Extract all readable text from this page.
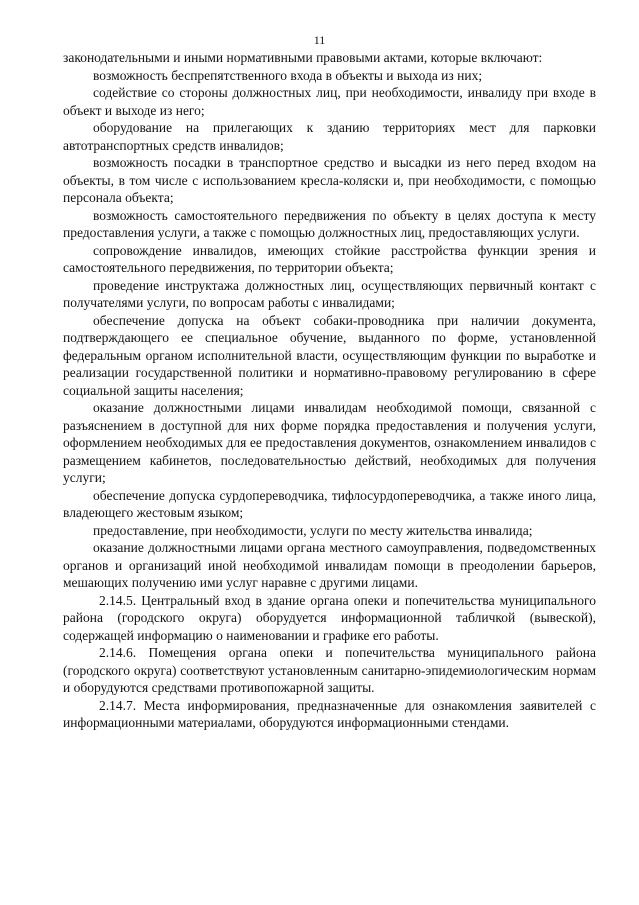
11

законодательными и иными нормативными правовыми актами, которые включают:

возможность беспрепятственного входа в объекты и выхода из них;

содействие со стороны должностных лиц, при необходимости, инвалиду при входе в объект и выходе из него;

оборудование на прилегающих к зданию территориях мест для парковки автотранспортных средств инвалидов;

возможность посадки в транспортное средство и высадки из него перед входом на объекты, в том числе с использованием кресла-коляски и, при необходимости, с помощью персонала объекта;

возможность самостоятельного передвижения по объекту в целях доступа к месту предоставления услуги, а также с помощью должностных лиц, предоставляющих услуги.

сопровождение инвалидов, имеющих стойкие расстройства функции зрения и самостоятельного передвижения, по территории объекта;

проведение инструктажа должностных лиц, осуществляющих первичный контакт с получателями услуги, по вопросам работы с инвалидами;

обеспечение допуска на объект собаки-проводника при наличии документа, подтверждающего ее специальное обучение, выданного по форме, установленной федеральным органом исполнительной власти, осуществляющим функции по выработке и реализации государственной политики и нормативно-правовому регулированию в сфере социальной защиты населения;

оказание должностными лицами инвалидам необходимой помощи, связанной с разъяснением в доступной для них форме порядка предоставления и получения услуги, оформлением необходимых для ее предоставления документов, ознакомлением инвалидов с размещением кабинетов, последовательностью действий, необходимых для получения услуги;

обеспечение допуска сурдопереводчика, тифлосурдопереводчика, а также иного лица, владеющего жестовым языком;

предоставление, при необходимости, услуги по месту жительства инвалида;

оказание должностными лицами органа местного самоуправления, подведомственных органов и организаций иной необходимой инвалидам помощи в преодолении барьеров, мешающих получению ими услуг наравне с другими лицами.

2.14.5. Центральный вход в здание органа опеки и попечительства муниципального района (городского округа) оборудуется информационной табличкой (вывеской), содержащей информацию о наименовании и графике его работы.

2.14.6. Помещения органа опеки и попечительства муниципального района (городского округа) соответствуют установленным санитарно-эпидемиологическим нормам и оборудуются средствами противопожарной защиты.

2.14.7. Места информирования, предназначенные для ознакомления заявителей с информационными материалами, оборудуются информационными стендами.
